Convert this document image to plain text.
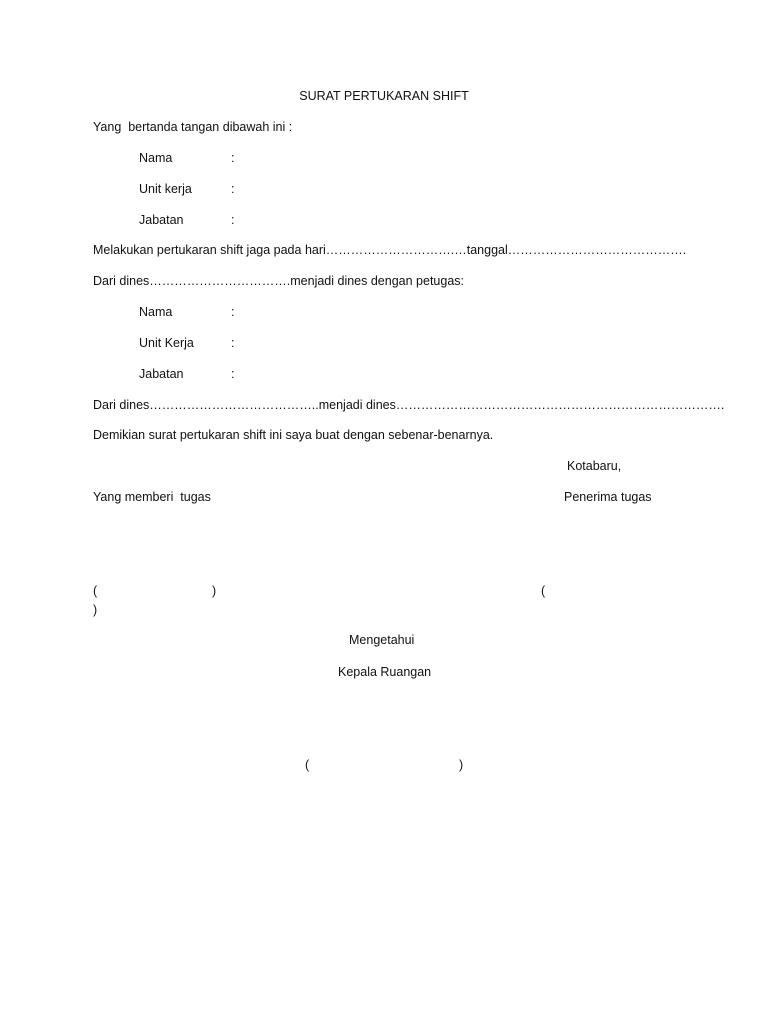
SURAT PERTUKARAN SHIFT
Yang  bertanda tangan dibawah ini :
Nama	:
Unit kerja	:
Jabatan	:
Melakukan pertukaran shift jaga pada hari………………………….…tanggal…………………………………….
Dari dines…………………………….menjadi dines dengan petugas:
Nama	:
Unit Kerja	:
Jabatan	:
Dari dines…………………………………..menjadi dines…………………………………………………………………….
Demikian surat pertukaran shift ini saya buat dengan sebenar-benarnya.
Kotabaru,
Yang memberi  tugas	Penerima tugas
(	)	(
)
Mengetahui
Kepala Ruangan
(	)
